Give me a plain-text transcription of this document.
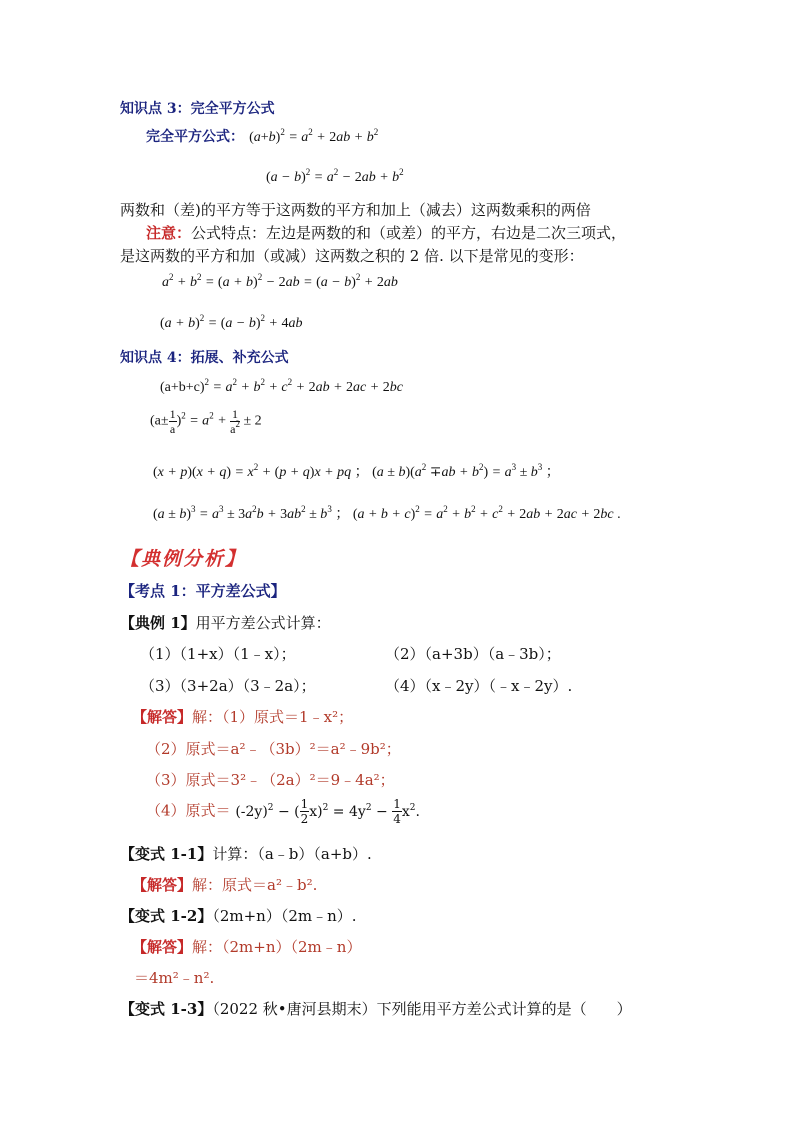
知识点 3：完全平方公式
完全平方公式： $(a+b)^2 = a^2 + 2ab + b^2$
$(a - b)^2 = a^2 - 2ab + b^2$
两数和（差)的平方等于这两数的平方和加上（减去）这两数乘积的两倍
注意：公式特点：左边是两数的和（或差）的平方，右边是二次三项式，
是这两数的平方和加（或减）这两数之积的 2 倍. 以下是常见的变形：
$a^2 + b^2 = (a + b)^2 - 2ab = (a - b)^2 + 2ab$
$(a + b)^2 = (a - b)^2 + 4ab$
知识点 4：拓展、补充公式
$(a+b+c)^2 = a^2 + b^2 + c^2 + 2ab + 2ac + 2bc$
$(a\pm \frac{1}{a} )^2 = a^2 + \frac{1}{a^2} \pm 2$
$(x + p)(x + q) = x^2 + (p + q)x$ + pq ； $(a \pm b)(a^2 \mp ab + b^2) = a^3 \pm b^3$ ；
$(a \pm b)^3 = a^3 \pm 3a^2b + 3ab^2 \pm b^3$ ； $(a + b + c)^2 = a^2 + b^2 + c^2 + 2ab + 2ac + 2bc$ .
【典例分析】
【考点 1：平方差公式】
【典例 1】用平方差公式计算：
（1）（1+x）（1﹣x）；	（2）（a+3b）（a﹣3b）；
（3）（3+2a）（3﹣2a）；	（4）（x﹣2y）（﹣x﹣2y）.
【解答】解：（1）原式＝1﹣x²；
（2）原式＝a²﹣（3b）²＝a²﹣9b²；
（3）原式＝3²﹣（2a）²＝9﹣4a²；
（4）原式＝ $(-2y)^2$ − ( $\frac{1}{2} x)^2 = 4y^2 - \frac{1}{4} x^2$.
【变式 1-1】计算：（a﹣b）（a+b）.
【解答】解：原式＝a²﹣b².
【变式 1-2】（2m+n）（2m﹣n）.
【解答】解：（2m+n）（2m﹣n）
＝4m²﹣n².
【变式 1-3】（2022 秋•唐河县期末）下列能用平方差公式计算的是（　　）
